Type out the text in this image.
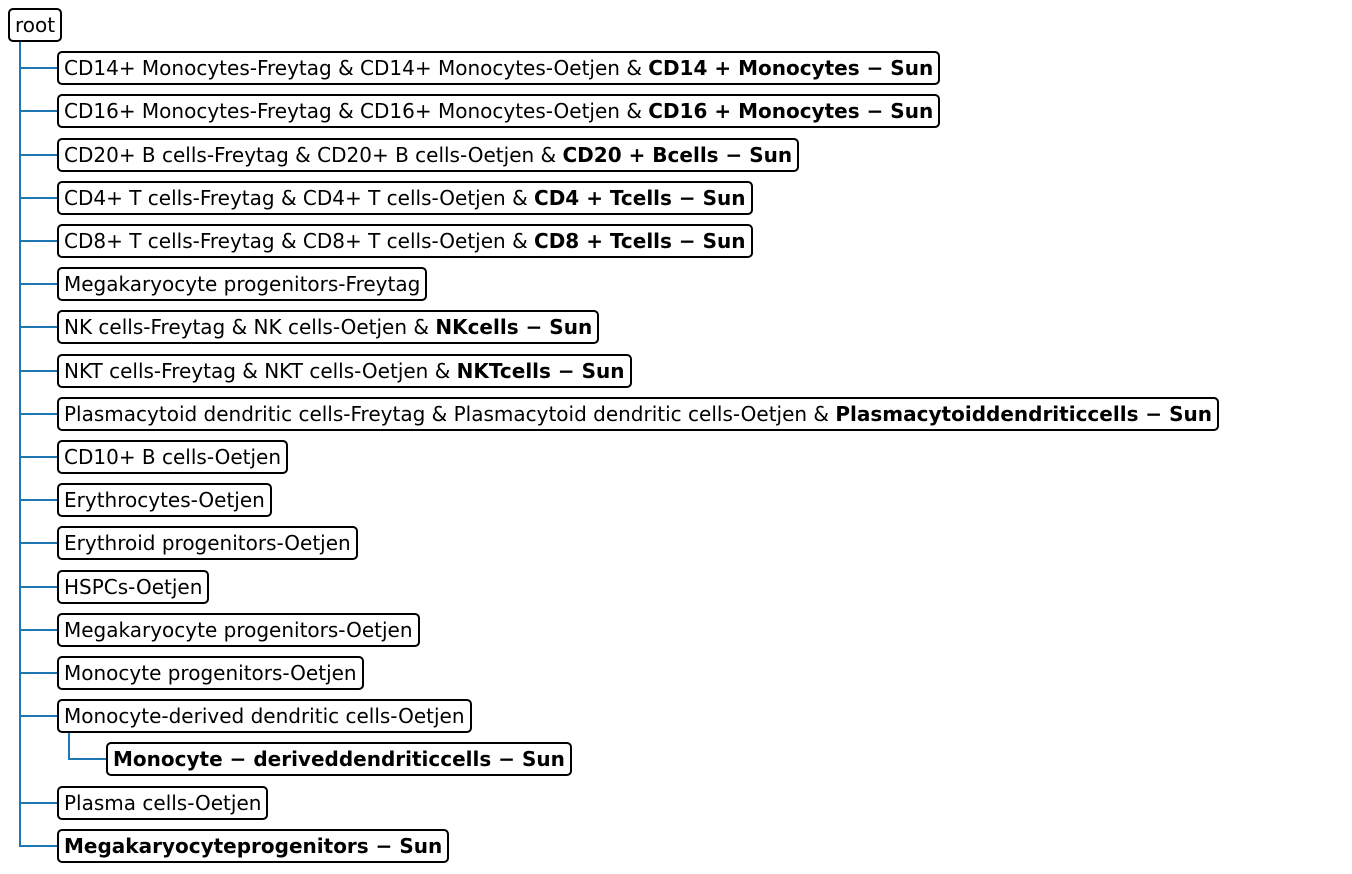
root
CD14+ Monocytes-Freytag & CD14+ Monocytes-Oetjen & CD14 + Monocytes − Sun
CD16+ Monocytes-Freytag & CD16+ Monocytes-Oetjen & CD16 + Monocytes − Sun
CD20+ B cells-Freytag & CD20+ B cells-Oetjen & CD20 + Bcells − Sun
CD4+ T cells-Freytag & CD4+ T cells-Oetjen & CD4 + Tcells − Sun
CD8+ T cells-Freytag & CD8+ T cells-Oetjen & CD8 + Tcells − Sun
Megakaryocyte progenitors-Freytag
NK cells-Freytag & NK cells-Oetjen & NKcells − Sun
NKT cells-Freytag & NKT cells-Oetjen & NKTcells − Sun
Plasmacytoid dendritic cells-Freytag & Plasmacytoid dendritic cells-Oetjen & Plasmacytoiddendriticcells − Sun
CD10+ B cells-Oetjen
Erythrocytes-Oetjen
Erythroid progenitors-Oetjen
HSPCs-Oetjen
Megakaryocyte progenitors-Oetjen
Monocyte progenitors-Oetjen
Monocyte-derived dendritic cells-Oetjen
Monocyte − deriveddendriticcells − Sun
Plasma cells-Oetjen
Megakaryocyteprogenitors − Sun
